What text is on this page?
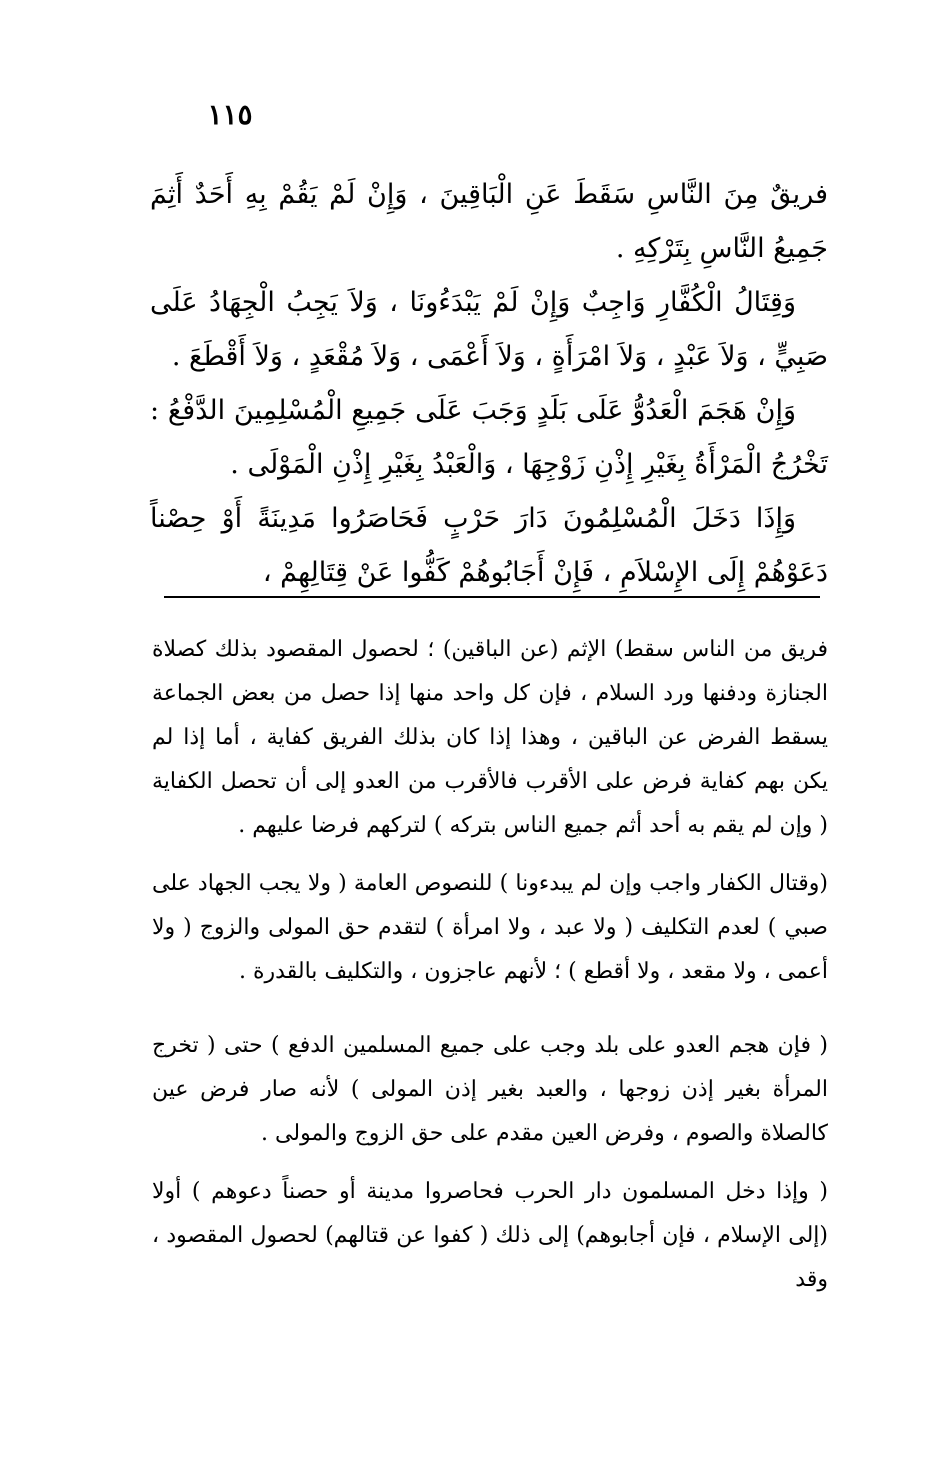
١١٥

فريقٌ مِنَ النَّاسِ سَقَطَ عَنِ الْبَاقِينَ ، وَإِنْ لَمْ يَقُمْ بِهِ أَحَدٌ أَثِمَ جَمِيعُ النَّاسِ بِتَرْكِهِ .

وَقِتَالُ الْكُفَّارِ وَاجِبٌ وَإِنْ لَمْ يَبْدَءُونَا ، وَلاَ يَجِبُ الْجِهَادُ عَلَى صَبِيٍّ ، وَلاَ عَبْدٍ ، وَلاَ امْرَأَةٍ ، وَلاَ أَعْمَى ، وَلاَ مُقْعَدٍ ، وَلاَ أَقْطَعَ .

وَإِنْ هَجَمَ الْعَدُوُّ عَلَى بَلَدٍ وَجَبَ عَلَى جَمِيعِ الْمُسْلِمِينَ الدَّفْعُ : تَخْرُجُ الْمَرْأَةُ بِغَيْرِ إِذْنِ زَوْجِهَا ، وَالْعَبْدُ بِغَيْرِ إِذْنِ الْمَوْلَى .

وَإِذَا دَخَلَ الْمُسْلِمُونَ دَارَ حَرْبٍ فَحَاصَرُوا مَدِينَةً أَوْ حِصْناً دَعَوْهُمْ إِلَى الإِسْلاَمِ ، فَإِنْ أَجَابُوهُمْ كَفُّوا عَنْ قِتَالِهِمْ ،

فريق من الناس سقط) الإثم (عن الباقين) ؛ لحصول المقصود بذلك كصلاة الجنازة ودفنها ورد السلام ، فإن كل واحد منها إذا حصل من بعض الجماعة يسقط الفرض عن الباقين ، وهذا إذا كان بذلك الفريق كفاية ، أما إذا لم يكن بهم كفاية فرض على الأقرب فالأقرب من العدو إلى أن تحصل الكفاية ( وإن لم يقم به أحد أثم جميع الناس بتركه ) لتركهم فرضا عليهم .

(وقتال الكفار واجب وإن لم يبدءونا ) للنصوص العامة ( ولا يجب الجهاد على صبي ) لعدم التكليف ( ولا عبد ، ولا امرأة ) لتقدم حق المولى والزوج ( ولا أعمى ، ولا مقعد ، ولا أقطع ) ؛ لأنهم عاجزون ، والتكليف بالقدرة .

( فإن هجم العدو على بلد وجب على جميع المسلمين الدفع ) حتى ( تخرج المرأة بغير إذن زوجها ، والعبد بغير إذن المولى ) لأنه صار فرض عين كالصلاة والصوم ، وفرض العين مقدم على حق الزوج والمولى .

( وإذا دخل المسلمون دار الحرب فحاصروا مدينة أو حصناً دعوهم ) أولا (إلى الإسلام ، فإن أجابوهم) إلى ذلك ( كفوا عن قتالهم) لحصول المقصود ، وقد
